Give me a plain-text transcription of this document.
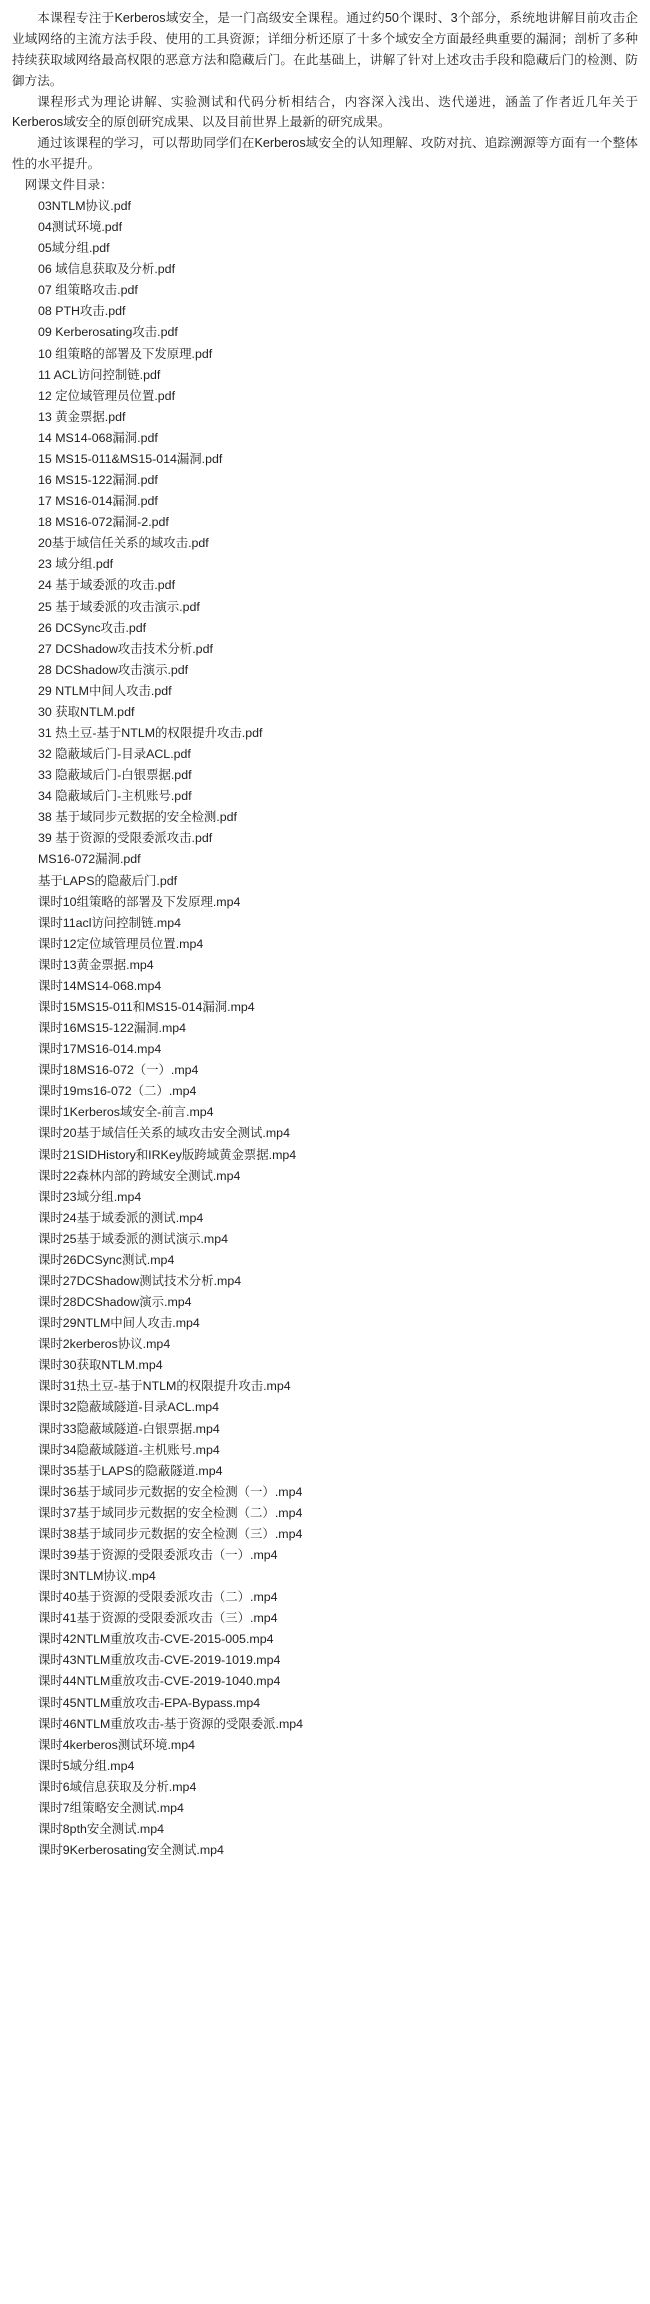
本课程专注于Kerberos域安全，是一门高级安全课程。通过约50个课时、3个部分，系统地讲解目前攻击企业域网络的主流方法手段、使用的工具资源；详细分析还原了十多个域安全方面最经典重要的漏洞；剖析了多种持续获取域网络最高权限的恶意方法和隐藏后门。在此基础上，讲解了针对上述攻击手段和隐藏后门的检测、防御方法。

课程形式为理论讲解、实验测试和代码分析相结合，内容深入浅出、迭代递进，涵盖了作者近几年关于Kerberos域安全的原创研究成果、以及目前世界上最新的研究成果。

通过该课程的学习，可以帮助同学们在Kerberos域安全的认知理解、攻防对抗、追踪溯源等方面有一个整体性的水平提升。

网课文件目录：

03NTLM协议.pdf
04测试环境.pdf
05域分组.pdf
06 域信息获取及分析.pdf
07 组策略攻击.pdf
08 PTH攻击.pdf
09 Kerberosating攻击.pdf
10 组策略的部署及下发原理.pdf
11 ACL访问控制链.pdf
12 定位域管理员位置.pdf
13 黄金票据.pdf
14 MS14-068漏洞.pdf
15 MS15-011&MS15-014漏洞.pdf
16 MS15-122漏洞.pdf
17 MS16-014漏洞.pdf
18 MS16-072漏洞-2.pdf
20基于域信任关系的域攻击.pdf
23 域分组.pdf
24 基于域委派的攻击.pdf
25 基于域委派的攻击演示.pdf
26 DCSync攻击.pdf
27 DCShadow攻击技术分析.pdf
28 DCShadow攻击演示.pdf
29 NTLM中间人攻击.pdf
30 获取NTLM.pdf
31 热土豆-基于NTLM的权限提升攻击.pdf
32 隐蔽域后门-目录ACL.pdf
33 隐蔽域后门-白银票据.pdf
34 隐蔽域后门-主机账号.pdf
38 基于域同步元数据的安全检测.pdf
39 基于资源的受限委派攻击.pdf
MS16-072漏洞.pdf
基于LAPS的隐蔽后门.pdf
课时10组策略的部署及下发原理.mp4
课时11acl访问控制链.mp4
课时12定位域管理员位置.mp4
课时13黄金票据.mp4
课时14MS14-068.mp4
课时15MS15-011和MS15-014漏洞.mp4
课时16MS15-122漏洞.mp4
课时17MS16-014.mp4
课时18MS16-072（一）.mp4
课时19ms16-072（二）.mp4
课时1Kerberos域安全-前言.mp4
课时20基于域信任关系的域攻击安全测试.mp4
课时21SIDHistory和IRKey版跨域黄金票据.mp4
课时22森林内部的跨域安全测试.mp4
课时23域分组.mp4
课时24基于域委派的测试.mp4
课时25基于域委派的测试演示.mp4
课时26DCSync测试.mp4
课时27DCShadow测试技术分析.mp4
课时28DCShadow演示.mp4
课时29NTLM中间人攻击.mp4
课时2kerberos协议.mp4
课时30获取NTLM.mp4
课时31热土豆-基于NTLM的权限提升攻击.mp4
课时32隐蔽域隧道-目录ACL.mp4
课时33隐蔽域隧道-白银票据.mp4
课时34隐蔽域隧道-主机账号.mp4
课时35基于LAPS的隐蔽隧道.mp4
课时36基于域同步元数据的安全检测（一）.mp4
课时37基于域同步元数据的安全检测（二）.mp4
课时38基于域同步元数据的安全检测（三）.mp4
课时39基于资源的受限委派攻击（一）.mp4
课时3NTLM协议.mp4
课时40基于资源的受限委派攻击（二）.mp4
课时41基于资源的受限委派攻击（三）.mp4
课时42NTLM重放攻击-CVE-2015-005.mp4
课时43NTLM重放攻击-CVE-2019-1019.mp4
课时44NTLM重放攻击-CVE-2019-1040.mp4
课时45NTLM重放攻击-EPA-Bypass.mp4
课时46NTLM重放攻击-基于资源的受限委派.mp4
课时4kerberos测试环境.mp4
课时5域分组.mp4
课时6域信息获取及分析.mp4
课时7组策略安全测试.mp4
课时8pth安全测试.mp4
课时9Kerberosating安全测试.mp4
